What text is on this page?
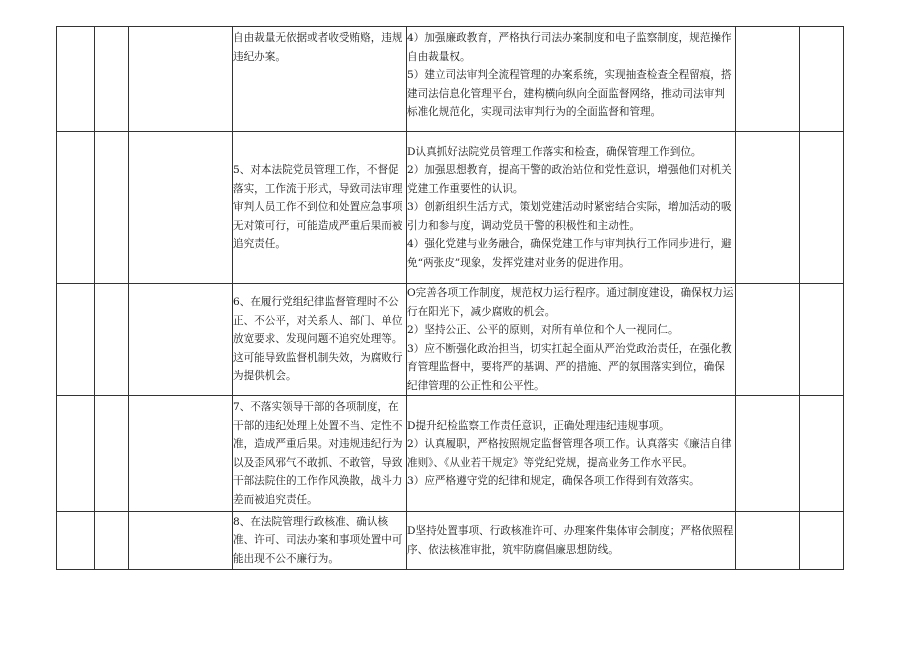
			自由裁量无依据或者收受贿赂，违规违纪办案。	4）加强廉政教育，严格执行司法办案制度和电子监察制度，规范操作自由裁量权。
5）建立司法审判全流程管理的办案系统，实现抽查检查全程留痕，搭建司法信息化管理平台，建构横向纵向全面监督网络，推动司法审判标准化规范化，实现司法审判行为的全面监督和管理。		

			5、对本法院党员管理工作，不督促落实，工作流于形式，导致司法审理审判人员工作不到位和处置应急事项无对策可行，可能造成严重后果而被追究责任。	D认真抓好法院党员管理工作落实和检查，确保管理工作到位。
2）加强思想教育，提高干警的政治站位和党性意识，增强他们对机关党建工作重要性的认识。
3）创新组织生活方式，策划党建活动时紧密结合实际，增加活动的吸引力和参与度，调动党员干警的积极性和主动性。
4）强化党建与业务融合，确保党建工作与审判执行工作同步进行，避免“两张皮”现象，发挥党建对业务的促进作用。		

			6、在履行党组纪律监督管理时不公正、不公平，对关系人、部门、单位放宽要求、发现问题不追究处理等。这可能导致监督机制失效，为腐败行为提供机会。	O完善各项工作制度，规范权力运行程序。通过制度建设，确保权力运行在阳光下，减少腐败的机会。
2）坚持公正、公平的原则，对所有单位和个人一视同仁。
3）应不断强化政治担当，切实扛起全面从严治党政治责任，在强化教育管理监督中，要将严的基调、严的措施、严的氛围落实到位，确保纪律管理的公正性和公平性。		

			7、不落实领导干部的各项制度，在干部的违纪处理上处置不当、定性不准，造成严重后果。对违规违纪行为以及歪风邪气不敢抓、不敢管，导致干部法院住的工作作风涣散，战斗力差而被追究责任。	D提升纪检监察工作责任意识，正确处理违纪违规事项。
2）认真履职，严格按照规定监督管理各项工作。认真落实《廉洁自律准则》、《从业若干规定》等党纪党规，提高业务工作水平民。
3）应严格遵守党的纪律和规定，确保各项工作得到有效落实。		

			8、在法院管理行政核准、确认核准、许可、司法办案和事项处置中可能出现不公不廉行为。	D坚持处置事项、行政核准许可、办理案件集体审会制度；严格依照程序、依法核准审批，筑牢防腐倡廉思想防线。		
